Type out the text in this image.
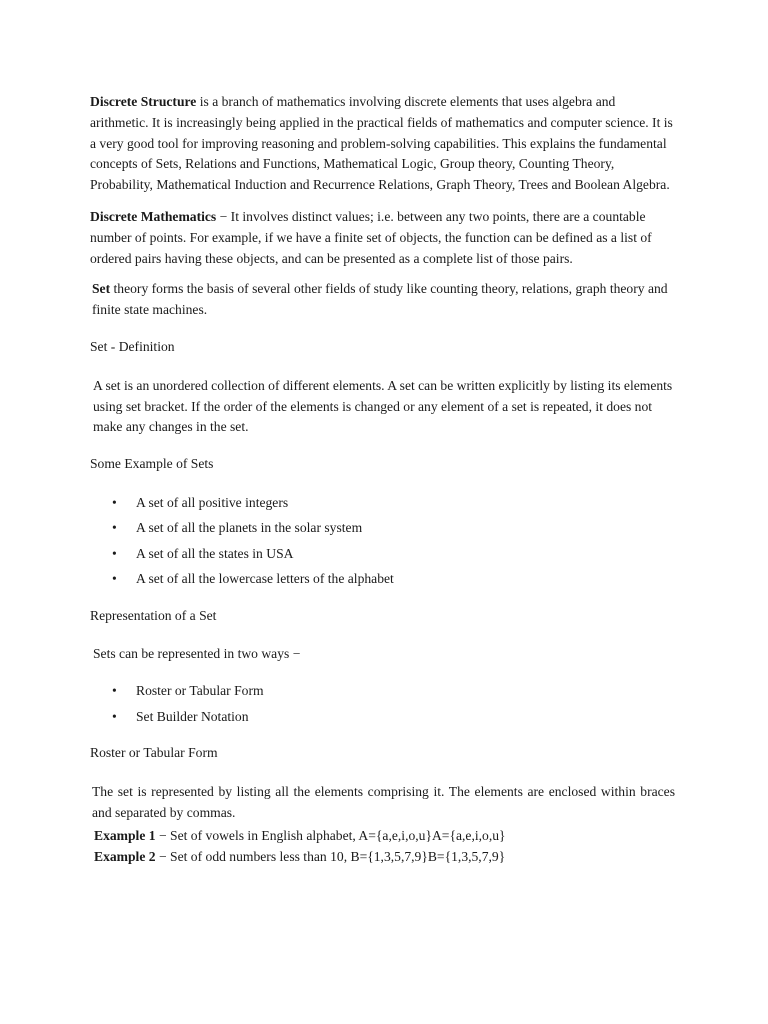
Discrete Structure is a branch of mathematics involving discrete elements that uses algebra and arithmetic. It is increasingly being applied in the practical fields of mathematics and computer science. It is a very good tool for improving reasoning and problem-solving capabilities. This explains the fundamental concepts of Sets, Relations and Functions, Mathematical Logic, Group theory, Counting Theory, Probability, Mathematical Induction and Recurrence Relations, Graph Theory, Trees and Boolean Algebra.

Discrete Mathematics − It involves distinct values; i.e. between any two points, there are a countable number of points. For example, if we have a finite set of objects, the function can be defined as a list of ordered pairs having these objects, and can be presented as a complete list of those pairs.

Set theory forms the basis of several other fields of study like counting theory, relations, graph theory and finite state machines.

Set - Definition

A set is an unordered collection of different elements. A set can be written explicitly by listing its elements using set bracket. If the order of the elements is changed or any element of a set is repeated, it does not make any changes in the set.

Some Example of Sets

• A set of all positive integers
• A set of all the planets in the solar system
• A set of all the states in USA
• A set of all the lowercase letters of the alphabet

Representation of a Set

Sets can be represented in two ways −

• Roster or Tabular Form
• Set Builder Notation

Roster or Tabular Form

The set is represented by listing all the elements comprising it. The elements are enclosed within braces and separated by commas.

Example 1 − Set of vowels in English alphabet, A={a,e,i,o,u}A={a,e,i,o,u}

Example 2 − Set of odd numbers less than 10, B={1,3,5,7,9}B={1,3,5,7,9}
